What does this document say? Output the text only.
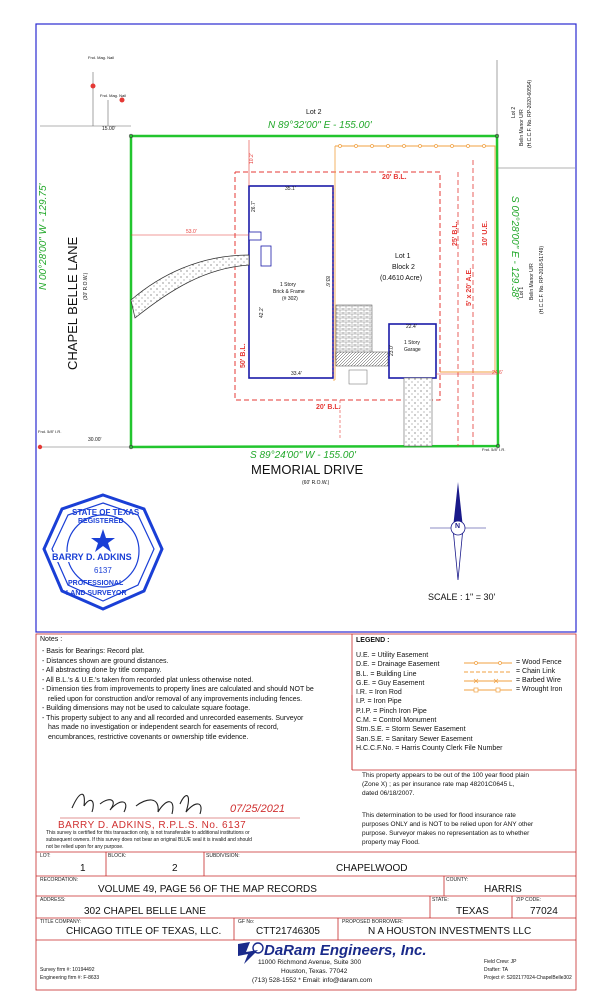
Lot 2
N 89°32'00" E - 155.00'
S 89°24'00" W - 155.00'
N 00°28'00" W - 129.75'	S 00°28'00" E - 129.38'
CHAPEL BELLE LANE (30' R.O.W.)
MEMORIAL DRIVE
(60' R.O.W.)
Lot 1
Block 2
(0.4610 Acre)
1 Story
Brick & Frame
(# 302)
1 Story
Garage
20' B.L.
25' B.L.	10' U.E.
5' x 20' A.E.
50' B.L.
20' B.L.
Lot 2 Belin Manor U/R (H.C.C.F. No. RP-2020-60554)
Lot 1 Belin Manor U/R (H.C.C.F. No. RP-2018-51749)
15.00'
30.00'
35.1'
53.0'
33.4'
83.6'
42.2'
22.4'
23.0'
24.6'
26.7'
10.2'
Fnd. Mag. Nail
Fnd. Mag. Nail
Fnd. 5/8" I.R.
Fnd. 5/8" I.R.
N
SCALE : 1" = 30'
STATE OF TEXAS
REGISTERED
BARRY D. ADKINS
6137
PROFESSIONAL
LAND SURVEYOR
Notes :
- Basis for Bearings: Record plat.
- Distances shown are ground distances.
- All abstracting done by title company.
- All B.L.'s & U.E.'s taken from recorded plat unless otherwise noted.
- Dimension ties from improvements to property lines are calculated and should NOT be
relied upon for construction and/or removal of any improvements including fences.
- Building dimensions may not be used to calculate square footage.
- This property subject to any and all recorded and unrecorded easements. Surveyor
has made no investigation or independent search for easements of record,
encumbrances, restrictive covenants or ownership title evidence.
LEGEND :
U.E. = Utility Easement
D.E. = Drainage Easement
B.L. = Building Line
G.E. = Guy Easement
I.R. = Iron Rod
I.P. = Iron Pipe
P.I.P. = Pinch Iron Pipe
C.M. = Control Monument
Stm.S.E. = Storm Sewer Easement
San.S.E. = Sanitary Sewer Easement
H.C.C.F.No. = Harris County Clerk File Number
= Wood Fence
= Chain Link
= Barbed Wire
= Wrought Iron
This property appears to be out of the 100 year flood plain
(Zone X) ; as per insurance rate map 48201C0645 L,
dated 06/18/2007.
This determination to be used for flood insurance rate
purposes ONLY and is NOT to be relied upon for ANY other
purpose. Surveyor makes no representation as to whether
property may Flood.
07/25/2021
BARRY D. ADKINS, R.P.L.S. No. 6137
This survey is certified for this transaction only, is not transferable to additional institutions or
subsequent owners. If this survey does not bear an original BLUE seal it is invalid and should
not be relied upon for any purpose.
LOT:
1
BLOCK:
2
SUBDIVISION:
CHAPELWOOD
RECORDATION:
VOLUME 49, PAGE 56 OF THE MAP RECORDS
COUNTY:
HARRIS
ADDRESS:
302 CHAPEL BELLE LANE
STATE:
TEXAS
ZIP CODE:
77024
TITLE COMPANY:
CHICAGO TITLE OF TEXAS, LLC.
GF No:
CTT21746305
PROPOSED BORROWER:
N A HOUSTON INVESTMENTS LLC
DaRam Engineers, Inc.
11000 Richmond Avenue, Suite 300
Houston, Texas. 77042
(713) 528-1552 * Email: info@daram.com
Survey firm #: 10194492
Engineering firm #: F-8633
Field Crew: JP
Drafter: TA
Project #: S202177024-ChapelBelle302
